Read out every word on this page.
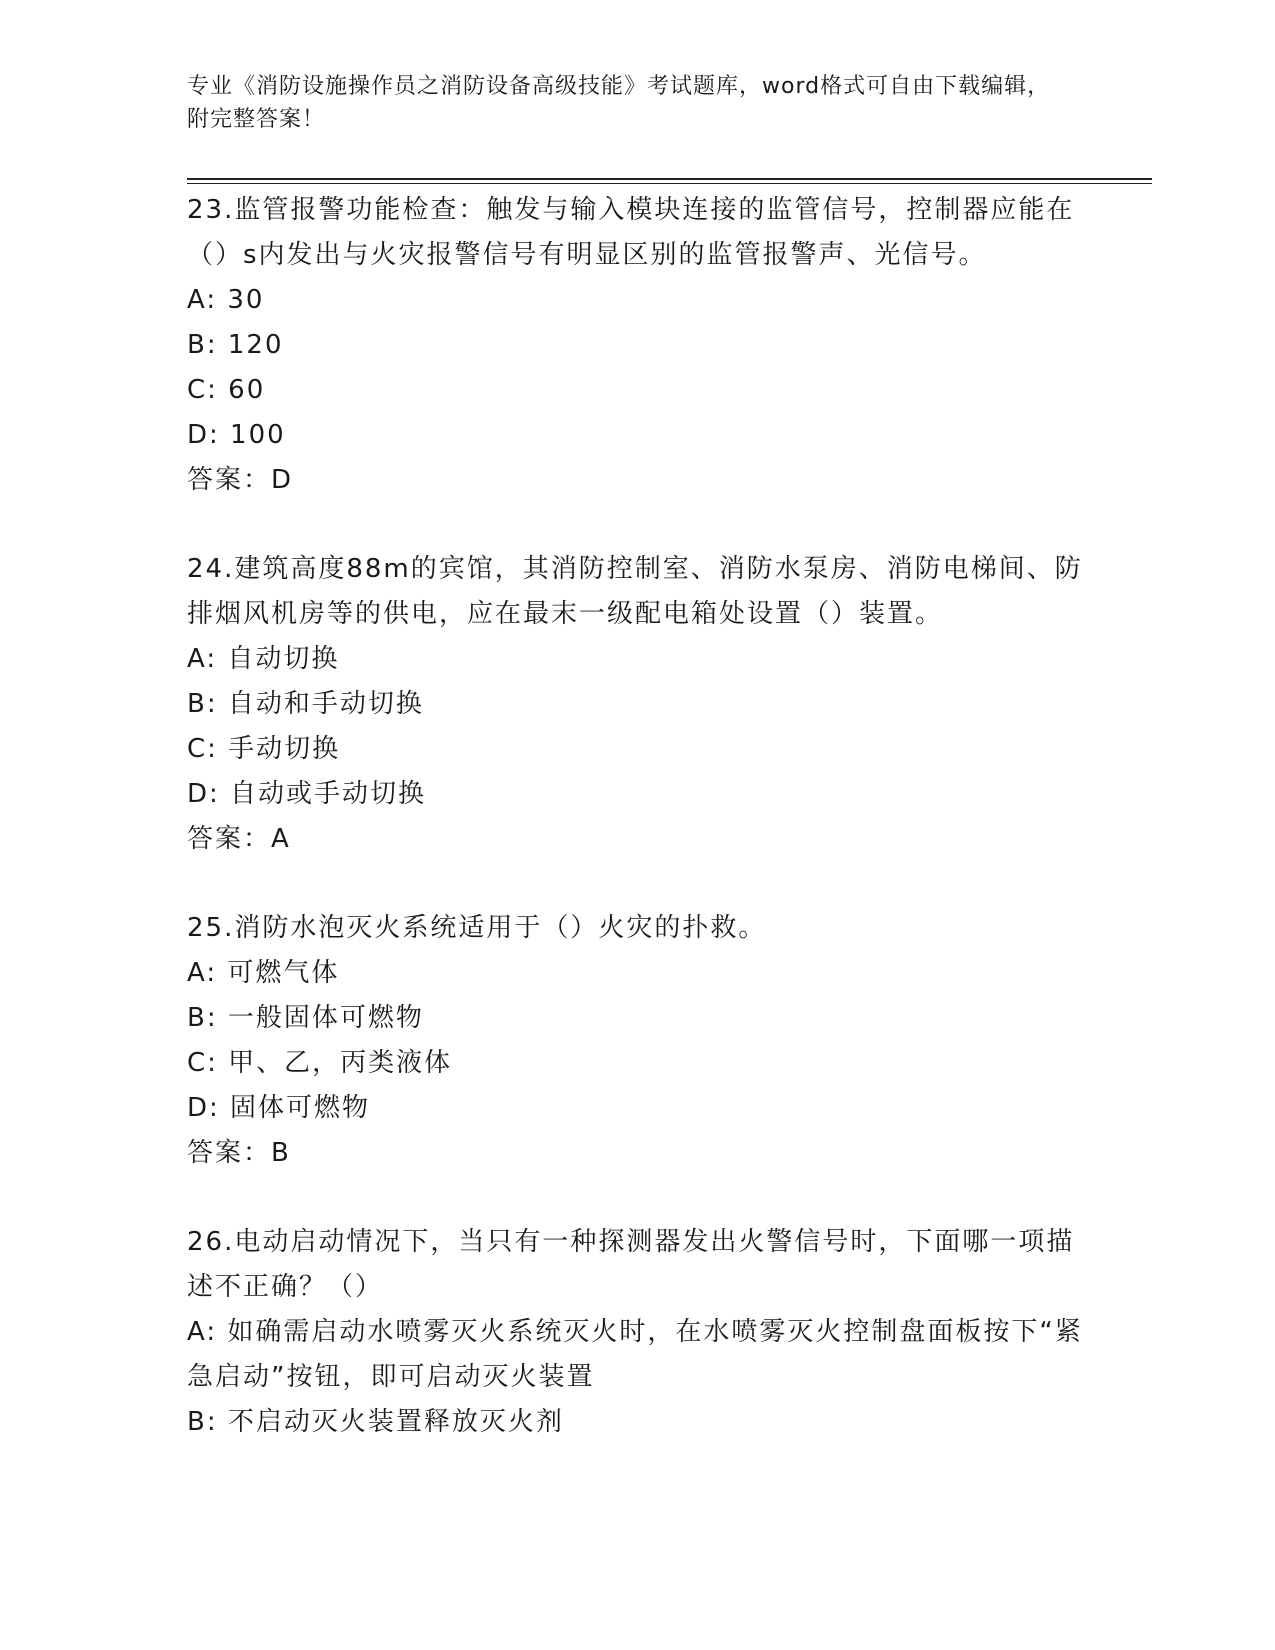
专业《消防设施操作员之消防设备高级技能》考试题库，word格式可自由下载编辑，附完整答案！

23.监管报警功能检查：触发与输入模块连接的监管信号，控制器应能在（）s内发出与火灾报警信号有明显区别的监管报警声、光信号。

A: 30

B: 120

C: 60

D: 100

答案：D

24.建筑高度88m的宾馆，其消防控制室、消防水泵房、消防电梯间、防排烟风机房等的供电，应在最末一级配电箱处设置（）装置。

A: 自动切换

B: 自动和手动切换

C: 手动切换

D: 自动或手动切换

答案：A

25.消防水泡灭火系统适用于（）火灾的扑救。

A: 可燃气体

B: 一般固体可燃物

C: 甲、乙，丙类液体

D: 固体可燃物

答案：B

26.电动启动情况下，当只有一种探测器发出火警信号时，下面哪一项描述不正确？（）

A: 如确需启动水喷雾灭火系统灭火时，在水喷雾灭火控制盘面板按下“紧急启动”按钮，即可启动灭火装置

B: 不启动灭火装置释放灭火剂
